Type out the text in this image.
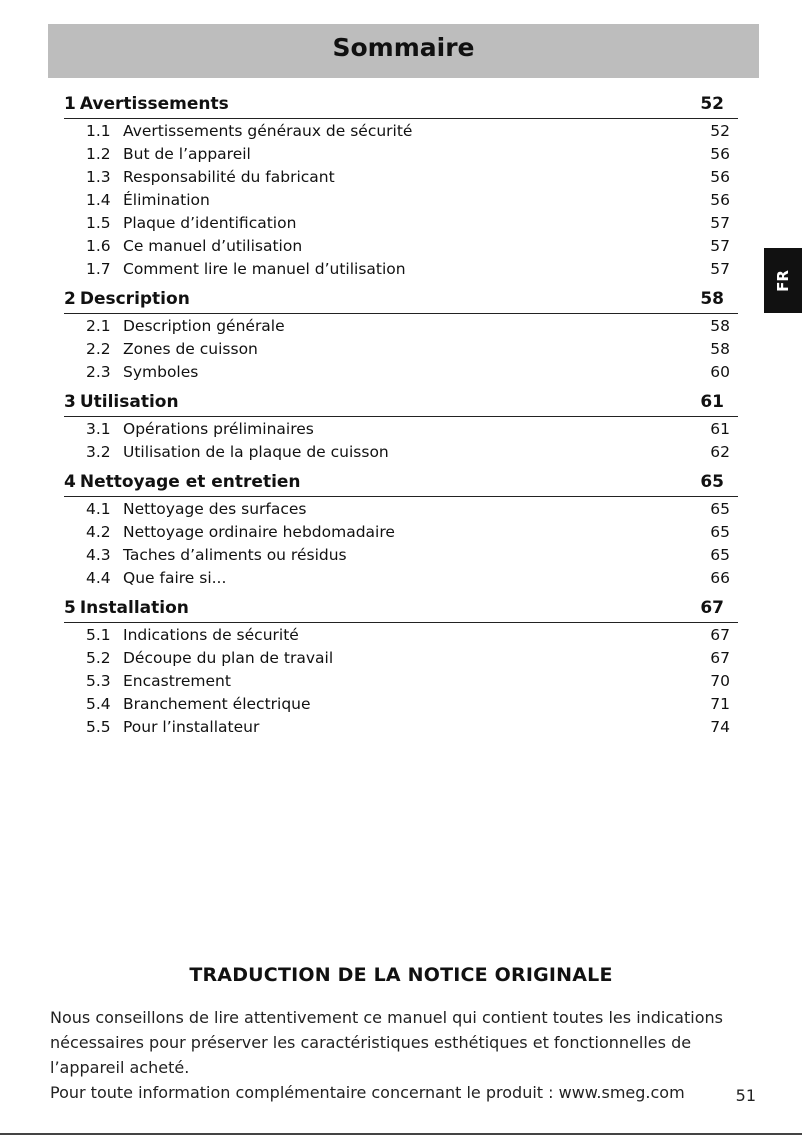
Sommaire
FR
1 Avertissements	52
1.1 Avertissements généraux de sécurité	52
1.2 But de l’appareil	56
1.3 Responsabilité du fabricant	56
1.4 Élimination	56
1.5 Plaque d’identification	57
1.6 Ce manuel d’utilisation	57
1.7 Comment lire le manuel d’utilisation	57
2 Description	58
2.1 Description générale	58
2.2 Zones de cuisson	58
2.3 Symboles	60
3 Utilisation	61
3.1 Opérations préliminaires	61
3.2 Utilisation de la plaque de cuisson	62
4 Nettoyage et entretien	65
4.1 Nettoyage des surfaces	65
4.2 Nettoyage ordinaire hebdomadaire	65
4.3 Taches d’aliments ou résidus	65
4.4 Que faire si...	66
5 Installation	67
5.1 Indications de sécurité	67
5.2 Découpe du plan de travail	67
5.3 Encastrement	70
5.4 Branchement électrique	71
5.5 Pour l’installateur	74
TRADUCTION DE LA NOTICE ORIGINALE

Nous conseillons de lire attentivement ce manuel qui contient toutes les indications nécessaires pour préserver les caractéristiques esthétiques et fonctionnelles de l’appareil acheté.

Pour toute information complémentaire concernant le produit : www.smeg.com	51
